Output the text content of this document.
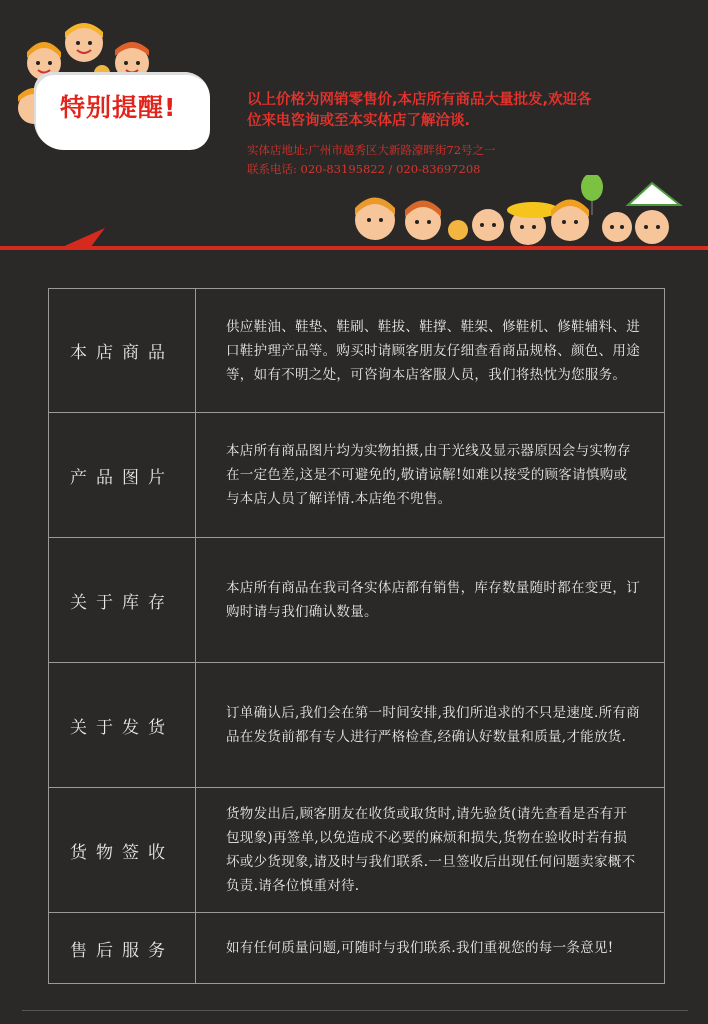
特别提醒!	以上价格为网销零售价,本店所有商品大量批发,欢迎各位来电咨询或至本实体店了解洽谈.
实体店地址:广州市越秀区大新路濠畔街72号之一
联系电话: 020-83195822 / 020-83697208
本店商品
供应鞋油、鞋垫、鞋刷、鞋拔、鞋撑、鞋架、修鞋机、修鞋辅料、进口鞋护理产品等。购买时请顾客朋友仔细查看商品规格、颜色、用途等，如有不明之处，可咨询本店客服人员，我们将热忱为您服务。
产品图片
本店所有商品图片均为实物拍摄,由于光线及显示器原因会与实物存在一定色差,这是不可避免的,敬请谅解!如难以接受的顾客请慎购或与本店人员了解详情.本店绝不兜售。
关于库存
本店所有商品在我司各实体店都有销售，库存数量随时都在变更，订购时请与我们确认数量。
关于发货
订单确认后,我们会在第一时间安排,我们所追求的不只是速度.所有商品在发货前都有专人进行严格检查,经确认好数量和质量,才能放货.
货物签收
货物发出后,顾客朋友在收货或取货时,请先验货(请先查看是否有开包现象)再签单,以免造成不必要的麻烦和损失,货物在验收时若有损坏或少货现象,请及时与我们联系.一旦签收后出现任何问题卖家概不负责.请各位慎重对待.
售后服务	如有任何质量问题,可随时与我们联系.我们重视您的每一条意见!
